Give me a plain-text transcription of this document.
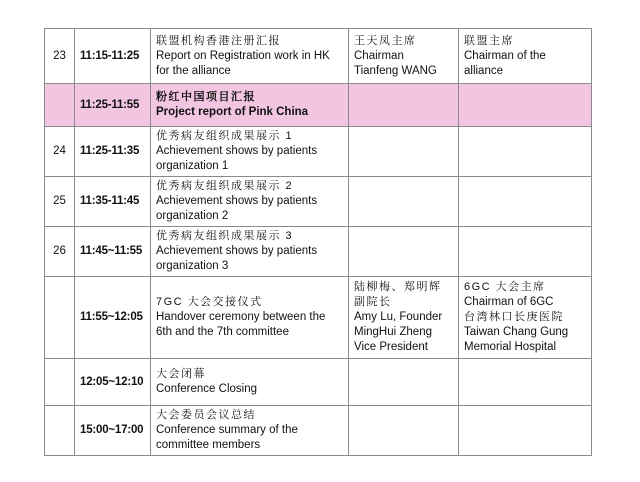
23	11:15-11:25	联盟机构香港注册汇报
Report on Registration work in HK
for the alliance	王天凤主席
Chairman
Tianfeng WANG	联盟主席
Chairman of the
alliance

	11:25-11:55	粉红中国项目汇报
Project report of Pink China		

24	11:25-11:35	优秀病友组织成果展示 1
Achievement shows by patients
organization 1		

25	11:35-11:45	优秀病友组织成果展示 2
Achievement shows by patients
organization 2		

26	11:45~11:55	优秀病友组织成果展示 3
Achievement shows by patients
organization 3		

	11:55~12:05	7GC 大会交接仪式
Handover ceremony between the
6th and the 7th committee	陆柳梅、郑明辉
副院长
Amy Lu, Founder
MingHui Zheng
Vice President	6GC 大会主席
Chairman of 6GC
台湾林口长庚医院
Taiwan Chang Gung
Memorial Hospital

	12:05~12:10	大会闭幕
Conference Closing		

	15:00~17:00	大会委员会议总结
Conference summary of the
committee members		
